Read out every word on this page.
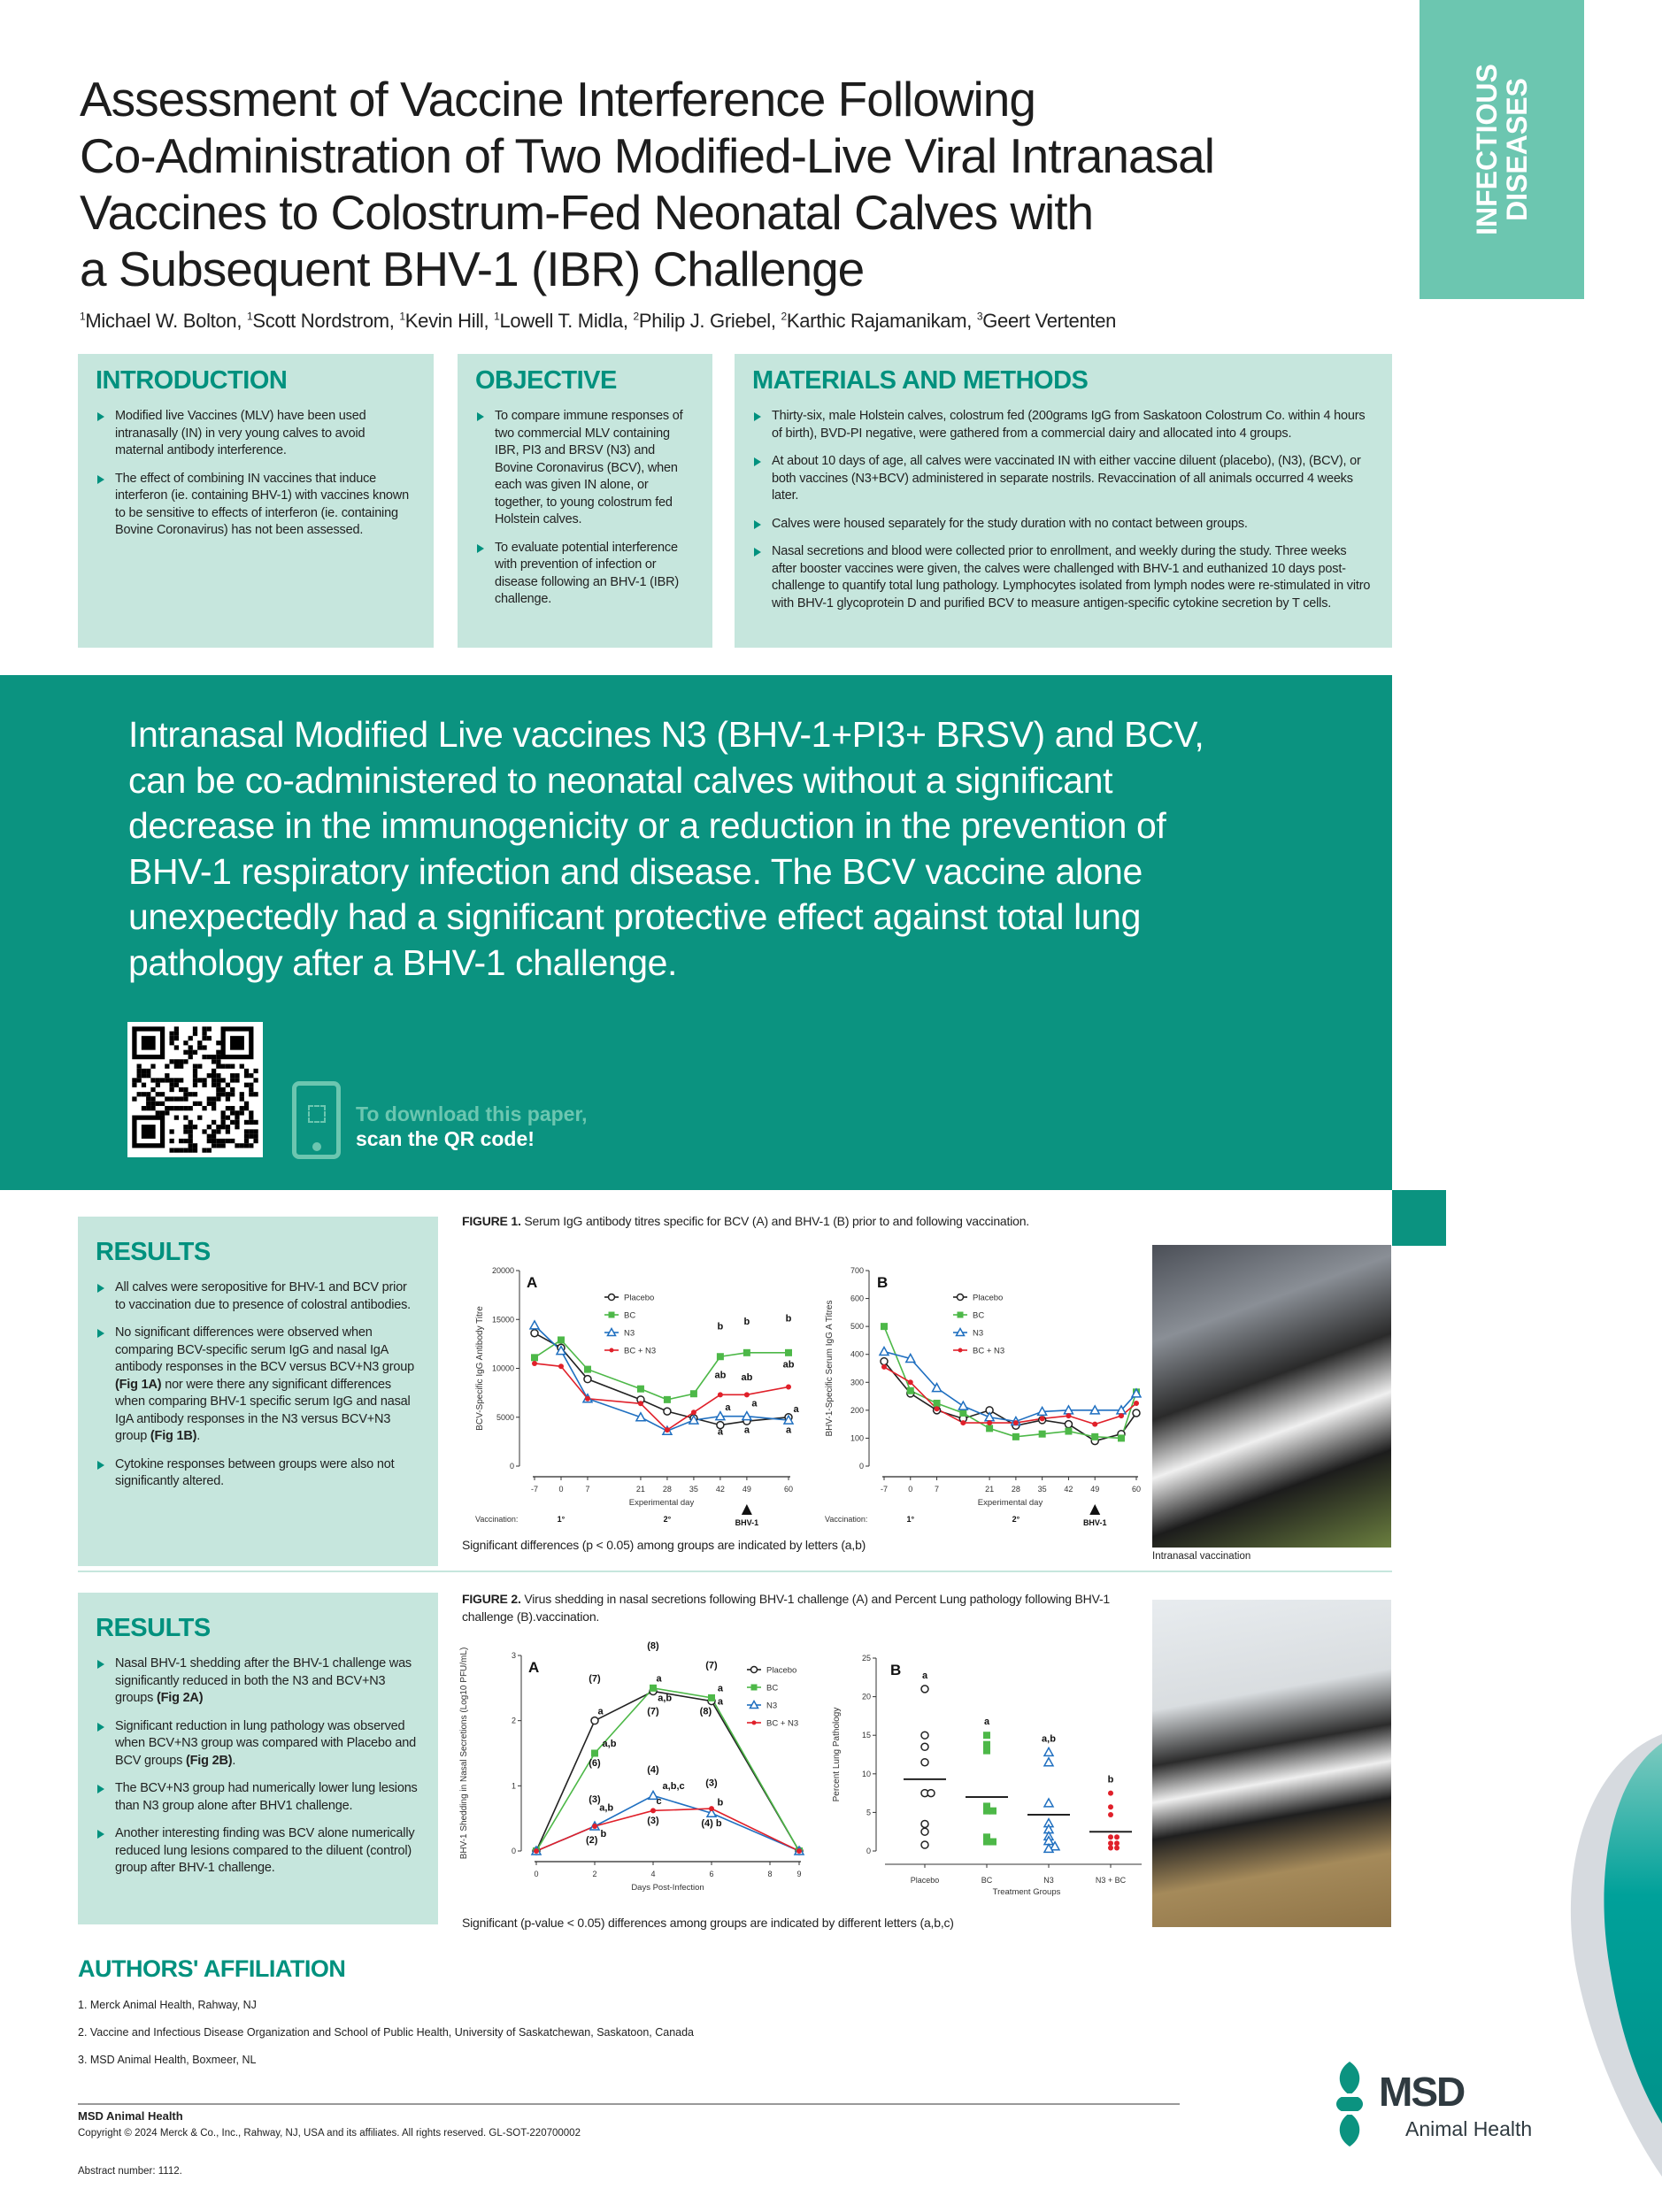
INFECTIOUS
DISEASES
Assessment of Vaccine Interference Following
Co-Administration of Two Modified-Live Viral Intranasal
Vaccines to Colostrum-Fed Neonatal Calves with
a Subsequent BHV-1 (IBR) Challenge
$^1$Michael W. Bolton, $^1$Scott Nordstrom, $^1$Kevin Hill, $^1$Lowell T. Midla, $^2$Philip J. Griebel, $^2$Karthic Rajamanikam, $^3$Geert Vertenten
INTRODUCTION
Modified live Vaccines (MLV) have been used intranasally (IN) in very young calves to avoid maternal antibody interference.
The effect of combining IN vaccines that induce interferon (ie. containing BHV-1) with vaccines known to be sensitive to effects of interferon (ie. containing Bovine Coronavirus) has not been assessed.
OBJECTIVE
To compare immune responses of two commercial MLV containing IBR, PI3 and BRSV (N3) and Bovine Coronavirus (BCV), when each was given IN alone, or together, to young colostrum fed Holstein calves.
To evaluate potential interference with prevention of infection or disease following an BHV-1 (IBR) challenge.
MATERIALS AND METHODS
Thirty-six, male Holstein calves, colostrum fed (200grams IgG from Saskatoon Colostrum Co. within 4 hours of birth), BVD-PI negative, were gathered from a commercial dairy and allocated into 4 groups.
At about 10 days of age, all calves were vaccinated IN with either vaccine diluent (placebo), (N3), (BCV), or both vaccines (N3+BCV) administered in separate nostrils. Revaccination of all animals occurred 4 weeks later.
Calves were housed separately for the study duration with no contact between groups.
Nasal secretions and blood were collected prior to enrollment, and weekly during the study. Three weeks after booster vaccines were given, the calves were challenged with BHV-1 and euthanized 10 days post-challenge to quantify total lung pathology. Lymphocytes isolated from lymph nodes were re-stimulated in vitro with BHV-1 glycoprotein D and purified BCV to measure antigen-specific cytokine secretion by T cells.
Intranasal Modified Live vaccines N3 (BHV-1+PI3+ BRSV) and BCV, can be co-administered to neonatal calves without a significant decrease in the immunogenicity or a reduction in the prevention of BHV-1 respiratory infection and disease. The BCV vaccine alone unexpectedly had a significant protective effect against total lung pathology after a BHV-1 challenge.
To download this paper,
scan the QR code!
RESULTS
All calves were seropositive for BHV-1 and BCV prior to vaccination due to presence of colostral antibodies.
No significant differences were observed when comparing BCV-specific serum IgG and nasal IgA antibody responses in the BCV versus BCV+N3 group (Fig 1A) nor were there any significant differences when comparing BHV-1 specific serum IgG and nasal IgA antibody responses in the N3 versus BCV+N3 group (Fig 1B).
Cytokine responses between groups were also not significantly altered.
FIGURE 1. Serum IgG antibody titres specific for BCV (A) and BHV-1 (B) prior to and following vaccination.
Significant differences (p < 0.05) among groups are indicated by letters (a,b)
Intranasal vaccination
RESULTS
Nasal BHV-1 shedding after the BHV-1 challenge was significantly reduced in both the N3 and BCV+N3 groups (Fig 2A)
Significant reduction in lung pathology was observed when BCV+N3 group was compared with Placebo and BCV groups (Fig 2B).
The BCV+N3 group had numerically lower lung lesions than N3 group alone after BHV1 challenge.
Another interesting finding was BCV alone numerically reduced lung lesions compared to the diluent (control) group after BHV-1 challenge.
FIGURE 2. Virus shedding in nasal secretions following BHV-1 challenge (A) and Percent Lung pathology following BHV-1 challenge (B).vaccination.
Significant (p-value < 0.05) differences among groups are indicated by different letters (a,b,c)
AUTHORS' AFFILIATION

1. Merck Animal Health, Rahway, NJ

2. Vaccine and Infectious Disease Organization and School of Public Health, University of Saskatchewan, Saskatoon, Canada

3. MSD Animal Health, Boxmeer, NL

MSD Animal Health
Copyright © 2024 Merck & Co., Inc., Rahway, NJ, USA and its affiliates. All rights reserved. GL-SOT-220700002
Abstract number: 1112.
MSD
Animal Health
0
5000
10000
15000
20000
BCV-Specific IgG Antibody Titre
A
-7	0	7	21 28 35 42 49	60
Experimental day
b b	b
ab ab
ab
a a
a
a a	a
Placebo
BC
N3
BC + N3
Vaccination:	1°	2°	BHV-1
0
100
200
300
400
500
600
700
BHV-1-Specific Serum IgG A Titres
B
-7	0	7	21 28 35 42 49	60
Experimental day
Placebo
BC
N3
BC + N3
Vaccination:	1°	2°	BHV-1
0
1
2
3
BHV-1 Shedding in Nasal Secretions (Log10 PFU/mL)	A
0	2	4	6	8	9
Days Post-Infection
(7)
a
a,b
(6)
(8)
a
a,b
(7)
(7)
a
a
(8)
(3)
a,b
b
(2)
(4)
a,b,c
c
(3)
(3)
b
(4) b
Placebo
BC
N3
BC + N3
0
5
10
15
20
25
Percent Lung Pathology
B
Treatment Groups
Placebo	BC	N3	N3 + BC
a
a
a,b
b
